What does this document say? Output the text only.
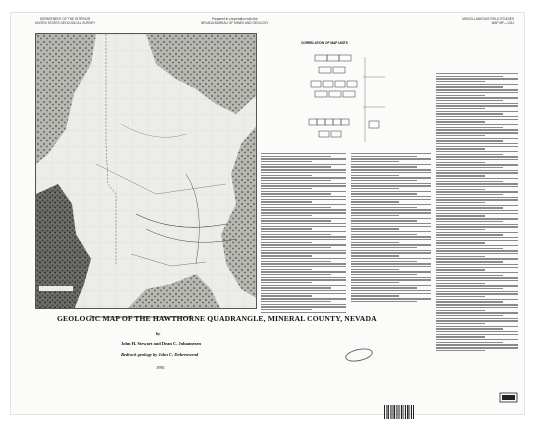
DEPARTMENT OF THE INTERIOR
UNITED STATES GEOLOGICAL SURVEY
Prepared in cooperation with the
NEVADA BUREAU OF MINES AND GEOLOGY
MISCELLANEOUS FIELD STUDIES
MAP MF—1311
CORRELATION OF MAP UNITS
GEOLOGIC MAP OF THE HAWTHORNE QUADRANGLE, MINERAL COUNTY, NEVADA
by
John H. Stewart and Dean C. Johannesen
Bedrock geology by John C. Dohrenwend
1981
